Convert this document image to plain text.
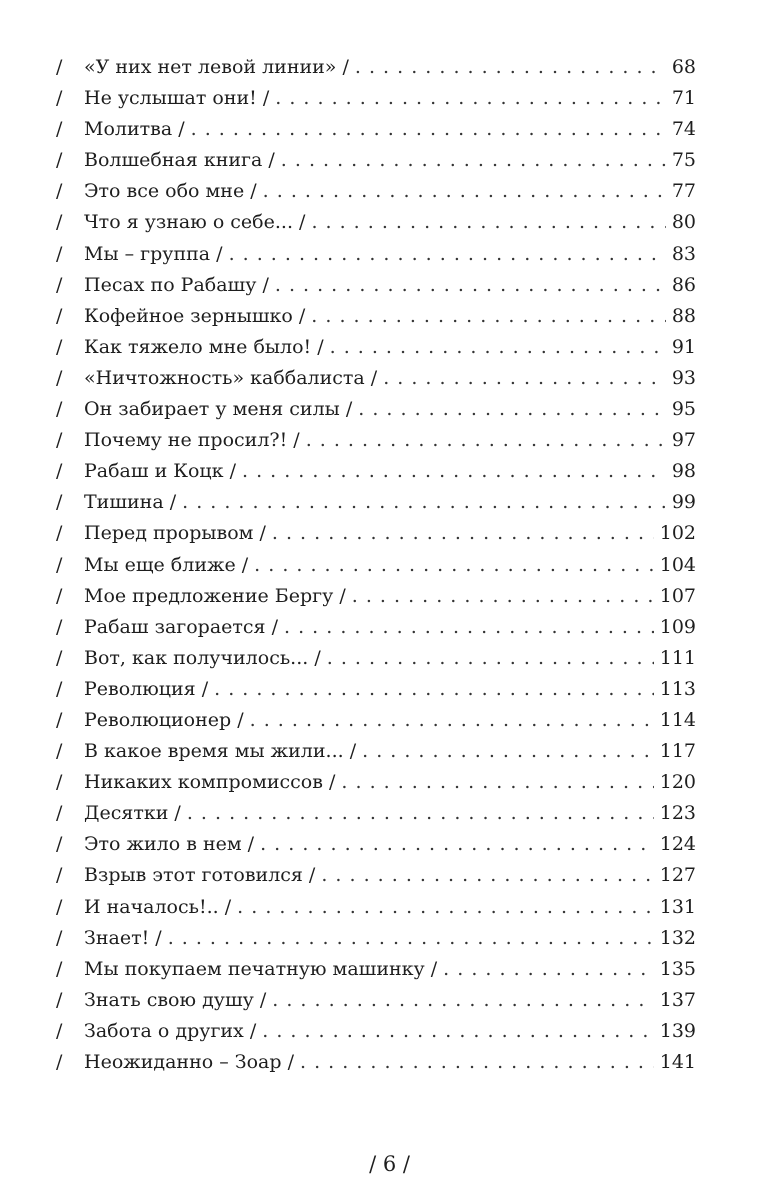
/	«У них нет левой линии» / . . .	68
/	Не услышат они! / . . .	71
/	Молитва / . . .	74
/	Волшебная книга / . . .	75
/	Это все обо мне / . . .	77
/	Что я узнаю о себе... / . . .	80
/	Мы – группа / . . .	83
/	Песах по Рабашу / . . .	86
/	Кофейное зернышко / . . .	88
/	Как тяжело мне было! / . . .	91
/	«Ничтожность» каббалиста / . . .	93
/	Он забирает у меня силы / . . .	95
/	Почему не просил?! / . . .	97
/	Рабаш и Коцк / . . .	98
/	Тишина / . . .	99
/	Перед прорывом / . . .	102
/	Мы еще ближе / . . .	104
/	Мое предложение Бергу / . . .	107
/	Рабаш загорается / . . .	109
/	Вот, как получилось... / . . .	111
/	Революция / . . .	113
/	Революционер / . . .	114
/	В какое время мы жили... / . . .	117
/	Никаких компромиссов / . . .	120
/	Десятки / . . .	123
/	Это жило в нем / . . .	124
/	Взрыв этот готовился / . . .	127
/	И началось!.. / . . .	131
/	Знает! / . . .	132
/	Мы покупаем печатную машинку / . . .	135
/	Знать свою душу / . . .	137
/	Забота о других / . . .	139
/	Неожиданно – Зоар / . . .	141
/ 6 /
